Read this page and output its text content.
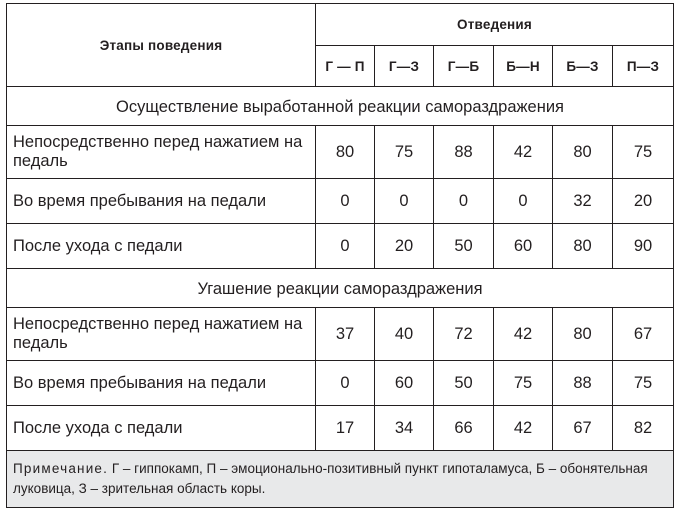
Этапы поведения	Отведения					
	Г — П	Г—З	Г—Б	Б—Н	Б—З	П—З
Осуществление выработанной реакции самораздражения						
Непосредственно перед нажатием на педаль	80	75	88	42	80	75
Во время пребывания на педали	0	0	0	0	32	20
После ухода с педали	0	20	50	60	80	90
Угашение реакции самораздражения						
Непосредственно перед нажатием на педаль	37	40	72	42	80	67
Во время пребывания на педали	0	60	50	75	88	75
После ухода с педали	17	34	66	42	67	82
Примечание. Г – гиппокамп, П – эмоционально-позитивный пункт гипоталамуса, Б – обонятельная луковица, З – зрительная область коры.						
